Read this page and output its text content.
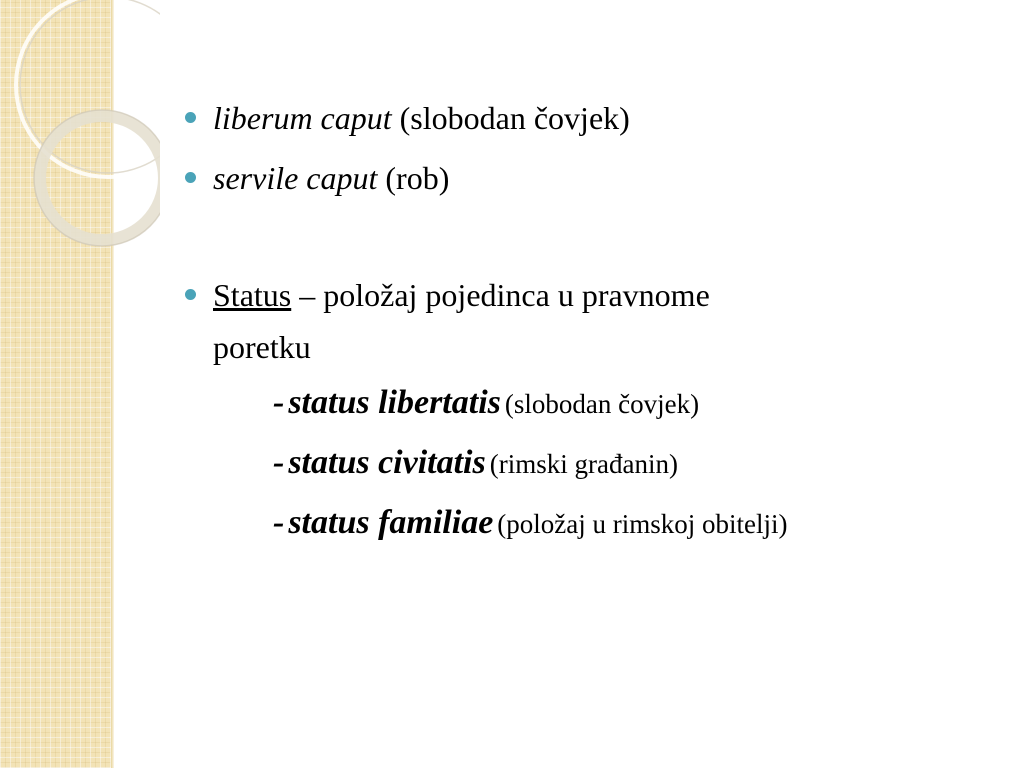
liberum caput (slobodan čovjek)
servile caput (rob)
Status – položaj pojedinca u pravnome
poretku
- status libertatis (slobodan čovjek)
- status civitatis (rimski građanin)
- status familiae (položaj u rimskoj obitelji)
